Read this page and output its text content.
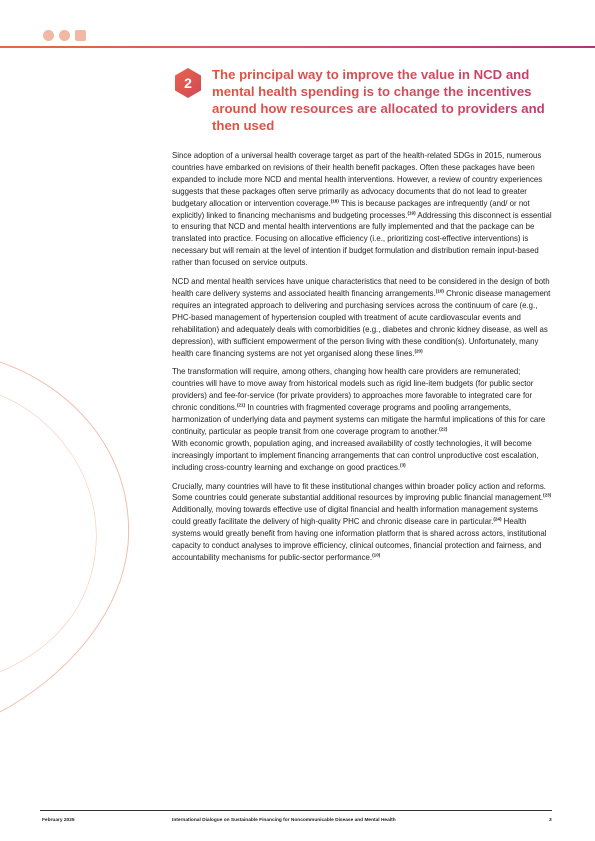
2
The principal way to improve the value in NCD and mental health spending is to change the incentives around how resources are allocated to providers and then used

Since adoption of a universal health coverage target as part of the health-related SDGs in 2015, numerous countries have embarked on revisions of their health benefit packages. Often these packages have been expanded to include more NCD and mental health interventions. However, a review of country experiences suggests that these packages often serve primarily as advocacy documents that do not lead to greater budgetary allocation or intervention coverage.$^{(18)}$ This is because packages are infrequently (and/ or not explicitly) linked to financing mechanisms and budgeting processes.$^{(19)}$ Addressing this disconnect is essential to ensuring that NCD and mental health interventions are fully implemented and that the package can be translated into practice. Focusing on allocative efficiency (i.e., prioritizing cost-effective interventions) is necessary but will remain at the level of intention if budget formulation and distribution remain input-based rather than focused on service outputs.

NCD and mental health services have unique characteristics that need to be considered in the design of both health care delivery systems and associated health financing arrangements.$^{(10)}$ Chronic disease management requires an integrated approach to delivering and purchasing services across the continuum of care (e.g., PHC-based management of hypertension coupled with treatment of acute cardiovascular events and rehabilitation) and adequately deals with comorbidities (e.g., diabetes and chronic kidney disease, as well as depression), with sufficient empowerment of the person living with these condition(s). Unfortunately, many health care financing systems are not yet organised along these lines.$^{(20)}$

The transformation will require, among others, changing how health care providers are remunerated; countries will have to move away from historical models such as rigid line-item budgets (for public sector providers) and fee-for-service (for private providers) to approaches more favorable to integrated care for chronic conditions.$^{(21)}$ In countries with fragmented coverage programs and pooling arrangements, harmonization of underlying data and payment systems can mitigate the harmful implications of this for care continuity, particular as people transit from one coverage program to another.$^{(22)}$
With economic growth, population aging, and increased availability of costly technologies, it will become increasingly important to implement financing arrangements that can control unproductive cost escalation, including cross-country learning and exchange on good practices.$^{(3)}$

Crucially, many countries will have to fit these institutional changes within broader policy action and reforms. Some countries could generate substantial additional resources by improving public financial management.$^{(23)}$ Additionally, moving towards effective use of digital financial and health information management systems could greatly facilitate the delivery of high-quality PHC and chronic disease care in particular.$^{(24)}$ Health systems would greatly benefit from having one information platform that is shared across actors, institutional capacity to conduct analyses to improve efficiency, clinical outcomes, financial protection and fairness, and accountability mechanisms for public-sector performance.$^{(10)}$

February 2025	International Dialogue on Sustainable Financing for Noncommunicable Disease and Mental Health	3
